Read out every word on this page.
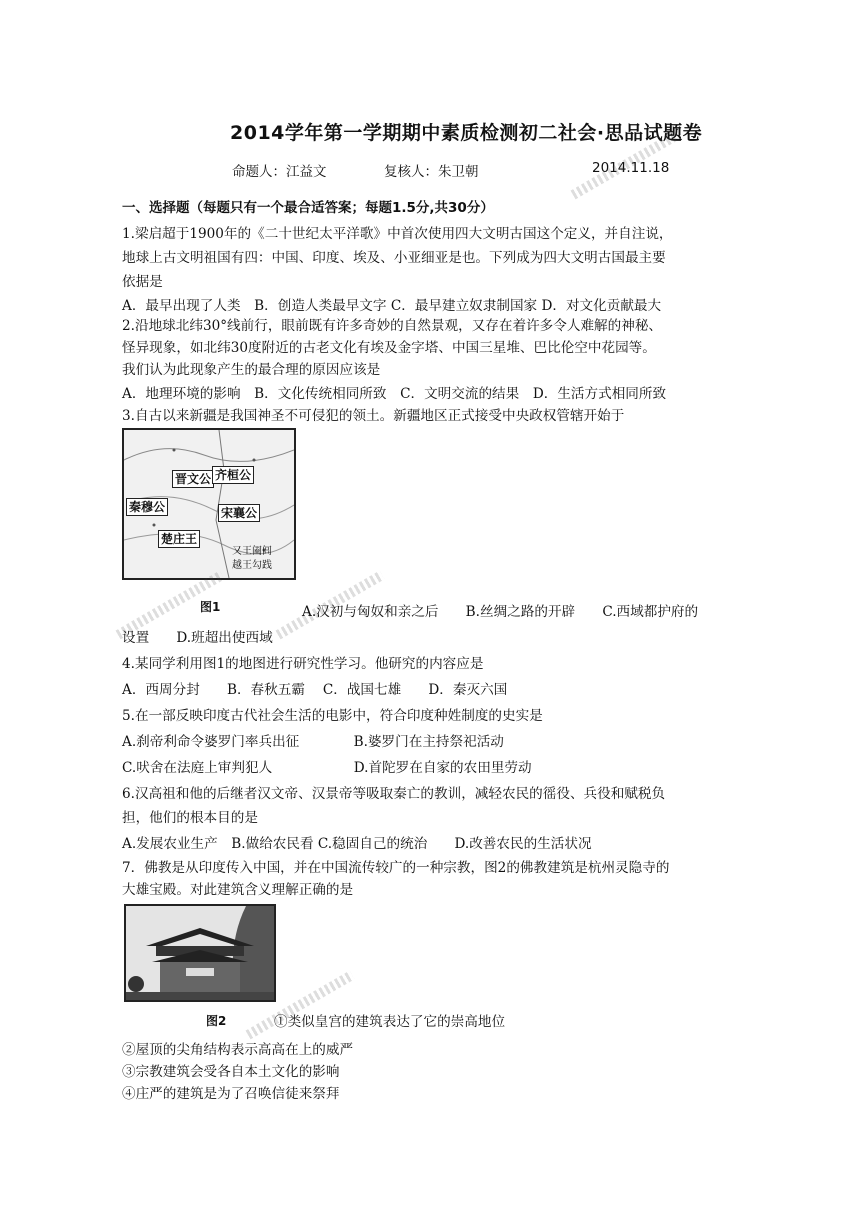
2014学年第一学期期中素质检测初二社会·思品试题卷
命题人：江益文	复核人：朱卫朝	2014.11.18
一、选择题（每题只有一个最合适答案；每题1.5分,共30分）
1.梁启超于1900年的《二十世纪太平洋歌》中首次使用四大文明古国这个定义，并自注说，
地球上古文明祖国有四：中国、印度、埃及、小亚细亚是也。下列成为四大文明古国最主要
依据是
A．最早出现了人类　B．创造人类最早文字 C．最早建立奴隶制国家 D．对文化贡献最大
2.沿地球北纬30°线前行，眼前既有许多奇妙的自然景观，又存在着许多令人难解的神秘、
怪异现象，如北纬30度附近的古老文化有埃及金字塔、中国三星堆、巴比伦空中花园等。
我们认为此现象产生的最合理的原因应该是
A．地理环境的影响　B．文化传统相同所致　C．文明交流的结果　D．生活方式相同所致
3.自古以来新疆是我国神圣不可侵犯的领土。新疆地区正式接受中央政权管辖开始于
晋文公 齐桓公
秦穆公	宋襄公
楚庄王
又王阖闾
越王勾践
图1	A.汉初与匈奴和亲之后　　B.丝绸之路的开辟　　C.西域都护府的
设置　　D.班超出使西域
4.某同学利用图1的地图进行研究性学习。他研究的内容应是
A．西周分封　　B．春秋五霸　 C．战国七雄　　D．秦灭六国
5.在一部反映印度古代社会生活的电影中，符合印度种姓制度的史实是
A.刹帝利命令婆罗门率兵出征　　　　B.婆罗门在主持祭祀活动
C.吠舍在法庭上审判犯人　　　　　　D.首陀罗在自家的农田里劳动
6.汉高祖和他的后继者汉文帝、汉景帝等吸取秦亡的教训，减轻农民的徭役、兵役和赋税负
担，他们的根本目的是
A.发展农业生产　B.做给农民看 C.稳固自己的统治　　D.改善农民的生活状况
7．佛教是从印度传入中国，并在中国流传较广的一种宗教，图2的佛教建筑是杭州灵隐寺的
大雄宝殿。对此建筑含义理解正确的是
图2	①类似皇宫的建筑表达了它的崇高地位
②屋顶的尖角结构表示高高在上的威严
③宗教建筑会受各自本土文化的影响
④庄严的建筑是为了召唤信徒来祭拜
